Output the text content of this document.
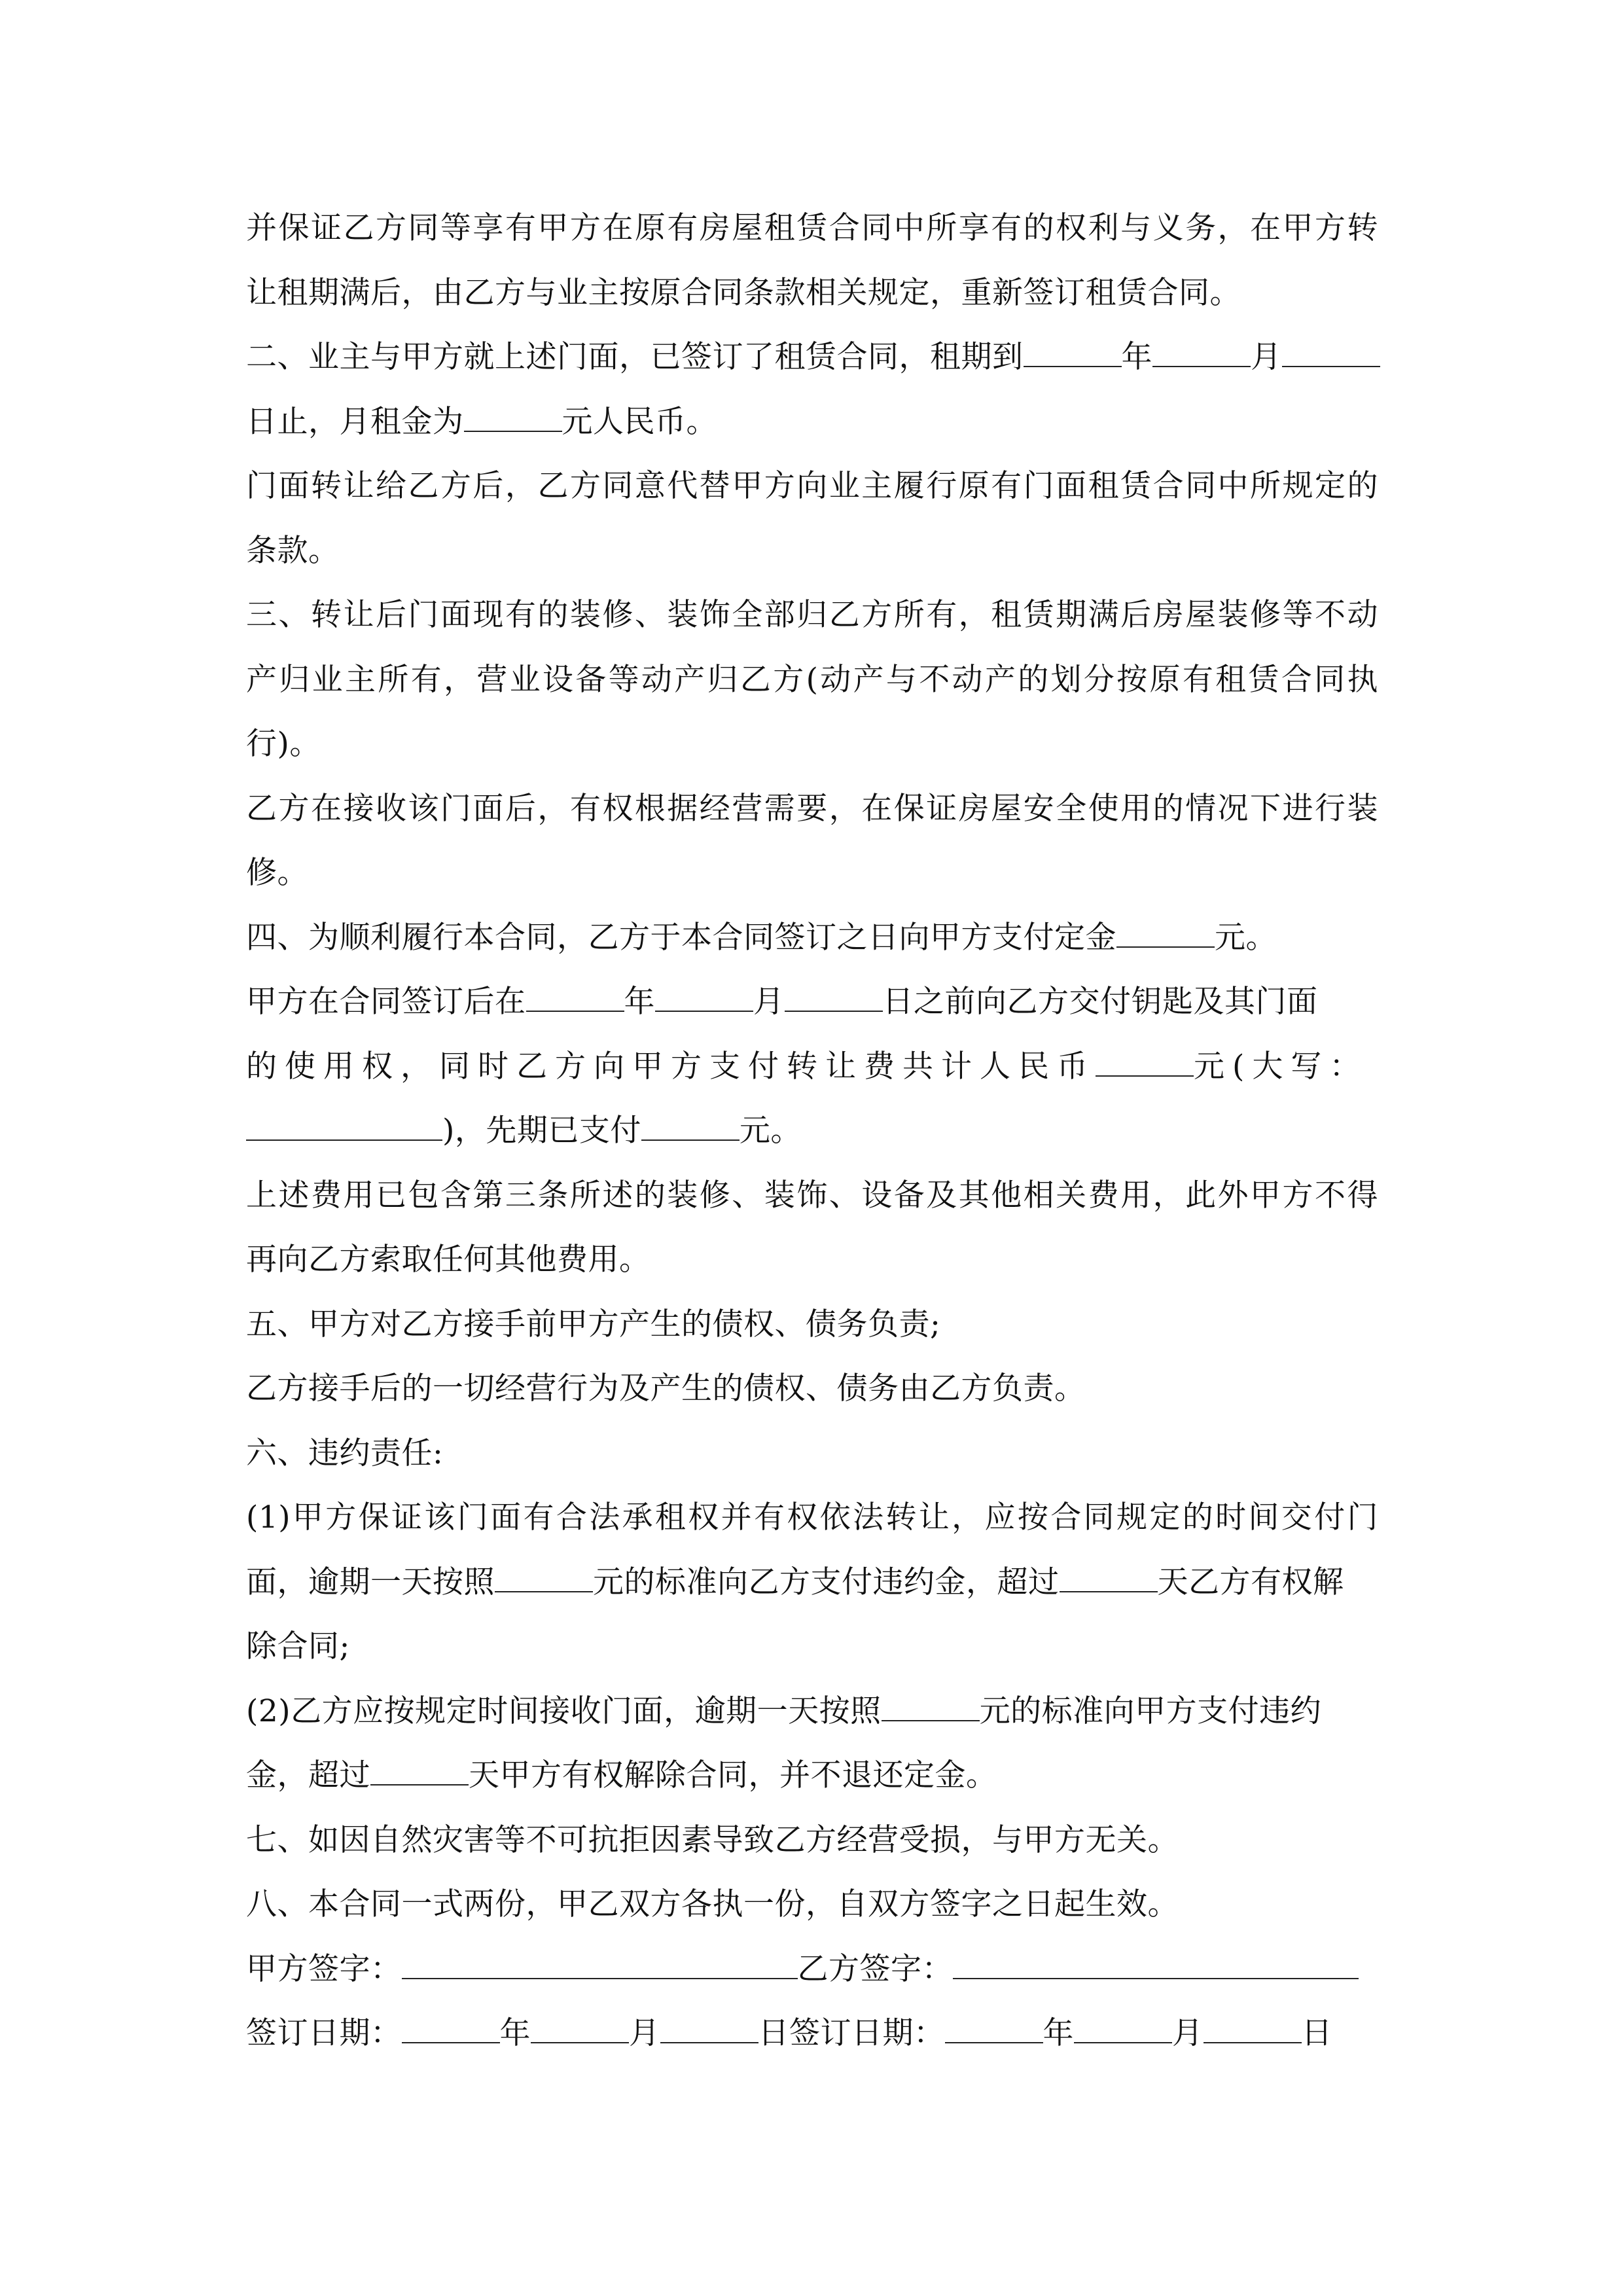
并保证乙方同等享有甲方在原有房屋租赁合同中所享有的权利与义务，在甲方转

让租期满后，由乙方与业主按原合同条款相关规定，重新签订租赁合同。

二、业主与甲方就上述门面，已签订了租赁合同，租期到	年	月

日止，月租金为	元人民币。

门面转让给乙方后，乙方同意代替甲方向业主履行原有门面租赁合同中所规定的

条款。

三、转让后门面现有的装修、装饰全部归乙方所有，租赁期满后房屋装修等不动

产归业主所有，营业设备等动产归乙方(动产与不动产的划分按原有租赁合同执

行)。

乙方在接收该门面后，有权根据经营需要，在保证房屋安全使用的情况下进行装

修。

四、为顺利履行本合同，乙方于本合同签订之日向甲方支付定金	元。

甲方在合同签订后在	年	月	日之前向乙方交付钥匙及其门面

的使用权，同时乙方向甲方支付转让费共计人民币	元(大写：

)，先期已支付	元。

上述费用已包含第三条所述的装修、装饰、设备及其他相关费用，此外甲方不得

再向乙方索取任何其他费用。

五、甲方对乙方接手前甲方产生的债权、债务负责;

乙方接手后的一切经营行为及产生的债权、债务由乙方负责。

六、违约责任:

(1)甲方保证该门面有合法承租权并有权依法转让，应按合同规定的时间交付门

面，逾期一天按照	元的标准向乙方支付违约金，超过	天乙方有权解

除合同;

(2)乙方应按规定时间接收门面，逾期一天按照	元的标准向甲方支付违约

金，超过	天甲方有权解除合同，并不退还定金。

七、如因自然灾害等不可抗拒因素导致乙方经营受损，与甲方无关。

八、本合同一式两份，甲乙双方各执一份，自双方签字之日起生效。

甲方签字：	乙方签字：

签订日期：	年	月	日签订日期：	年	月	日
